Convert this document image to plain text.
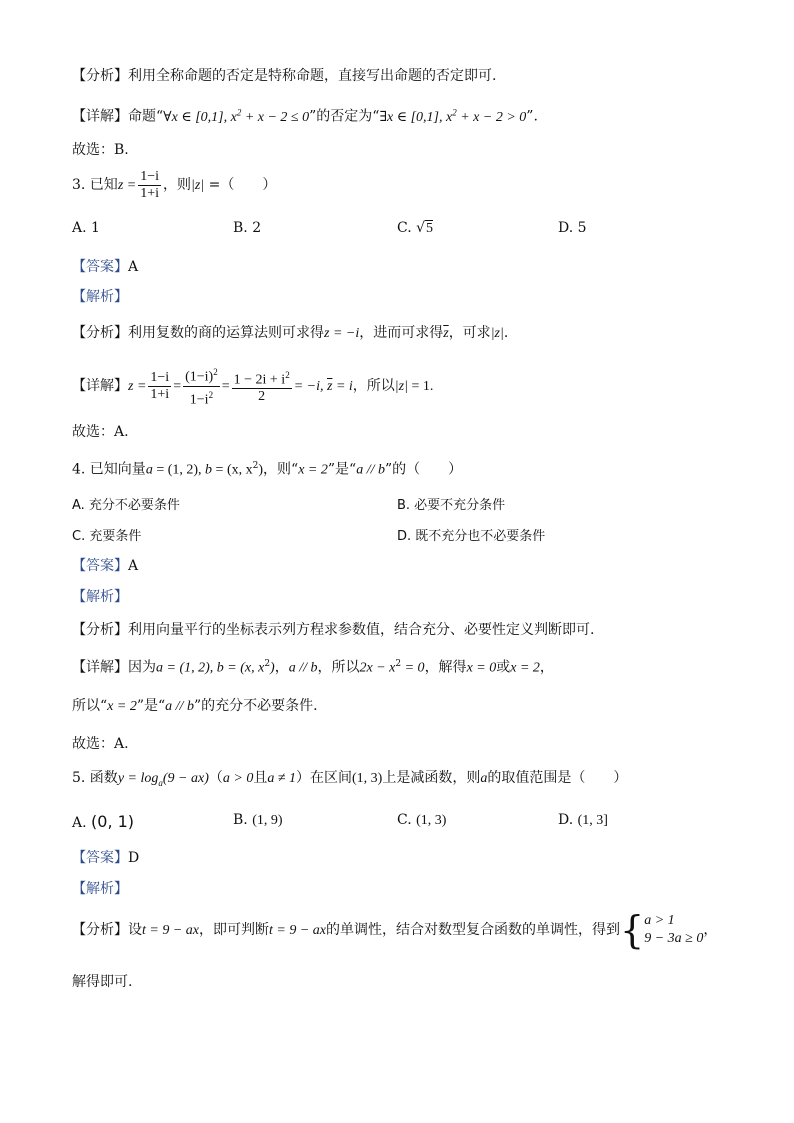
【分析】利用全称命题的否定是特称命题，直接写出命题的否定即可.
【详解】命题“∀x ∈ [0,1], $x^2 + x - 2 \le 0$”的否定为“∃x ∈ [0,1], $x^2 + x - 2 > 0$”.
故选：B.
3. 已知$z = \frac{1-i}{1+i}$ ，则|z| =（　　）
A. 1	B. 2	C. √5	D. 5
【答案】A
【解析】
【分析】利用复数的商的运算法则可求得z = −i，进而可求得$\overline{z}$，可求|z|.
【详解】$z = \frac{1-i}{1+i} = \frac{(1-i)^2}{1-i^2} = \frac{1 - 2i + i^2}{2} = -i$, $\overline{z} = i$，所以|z| = 1.
故选：A.
4. 已知向量a = (1, 2), b = (x, $x^2$)，则“x = 2”是“a // b”的（　　）
A. 充分不必要条件	B. 必要不充分条件
C. 充要条件	D. 既不充分也不必要条件
【答案】A
【解析】
【分析】利用向量平行的坐标表示列方程求参数值，结合充分、必要性定义判断即可.
【详解】因为a = (1, 2), b = (x, $x^2$)，a // b，所以$2x - x^2 = 0$，解得x = 0或x = 2，
所以“x = 2”是“a // b”的充分不必要条件.
故选：A.
5. 函数$y = \log_a(9 - ax)(a > 0$且a ≠ 1）在区间(1, 3)上是减函数，则a的取值范围是（　　）
A. (0, 1)	B. (1, 9)	C. (1, 3)	D. (1, 3]
【答案】D
【解析】
【分析】设t = 9 − ax，即可判断t = 9 − ax的单调性，结合对数型复合函数的单调性，得到{ a > 1
9 − 3a ≥ 0
，
解得即可.
